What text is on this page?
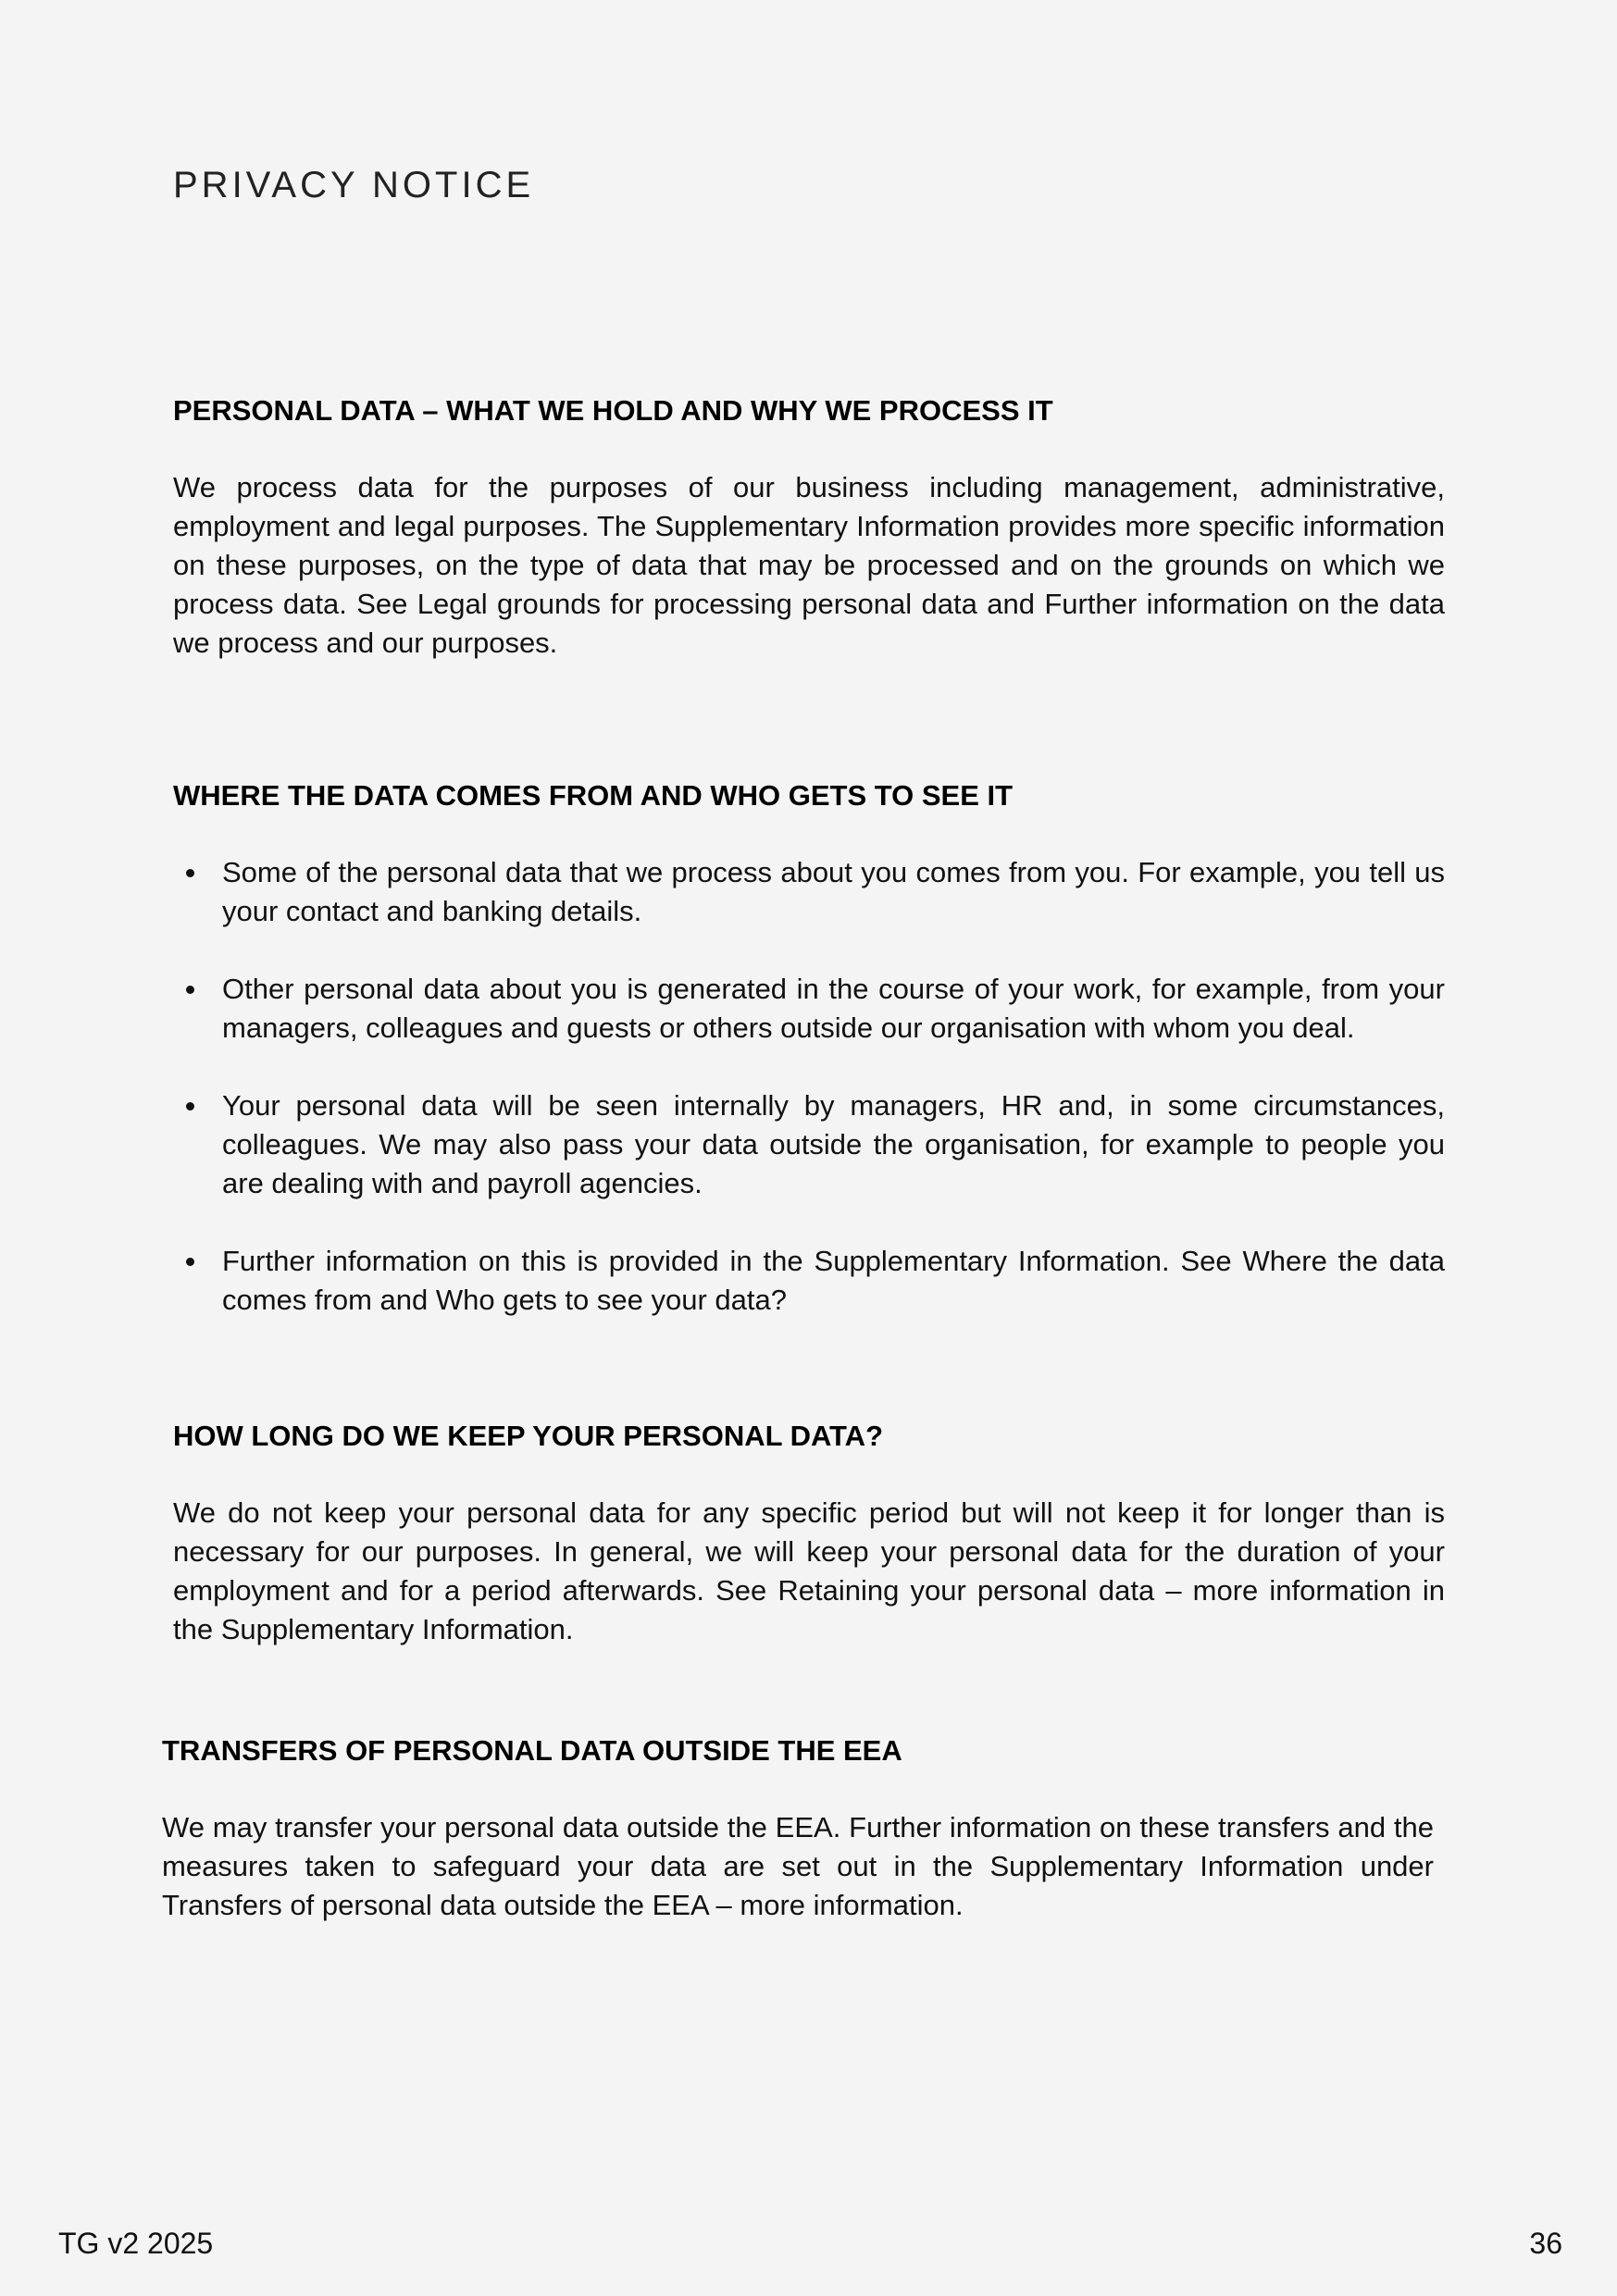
PRIVACY NOTICE
PERSONAL DATA – WHAT WE HOLD AND WHY WE PROCESS IT

We process data for the purposes of our business including management, administrative, employment and legal purposes. The Supplementary Information provides more specific information on these purposes, on the type of data that may be processed and on the grounds on which we process data. See Legal grounds for processing personal data and Further information on the data we process and our purposes.

WHERE THE DATA COMES FROM AND WHO GETS TO SEE IT
Some of the personal data that we process about you comes from you. For example, you tell us your contact and banking details.
Other personal data about you is generated in the course of your work, for example, from your managers, colleagues and guests or others outside our organisation with whom you deal.
Your personal data will be seen internally by managers, HR and, in some circumstances, colleagues. We may also pass your data outside the organisation, for example to people you are dealing with and payroll agencies.
Further information on this is provided in the Supplementary Information. See Where the data comes from and Who gets to see your data?
HOW LONG DO WE KEEP YOUR PERSONAL DATA?

We do not keep your personal data for any specific period but will not keep it for longer than is necessary for our purposes. In general, we will keep your personal data for the duration of your employment and for a period afterwards. See Retaining your personal data – more information in the Supplementary Information.

TRANSFERS OF PERSONAL DATA OUTSIDE THE EEA

We may transfer your personal data outside the EEA. Further information on these transfers and the measures taken to safeguard your data are set out in the Supplementary Information under Transfers of personal data outside the EEA – more information.

TG v2 2025	36
